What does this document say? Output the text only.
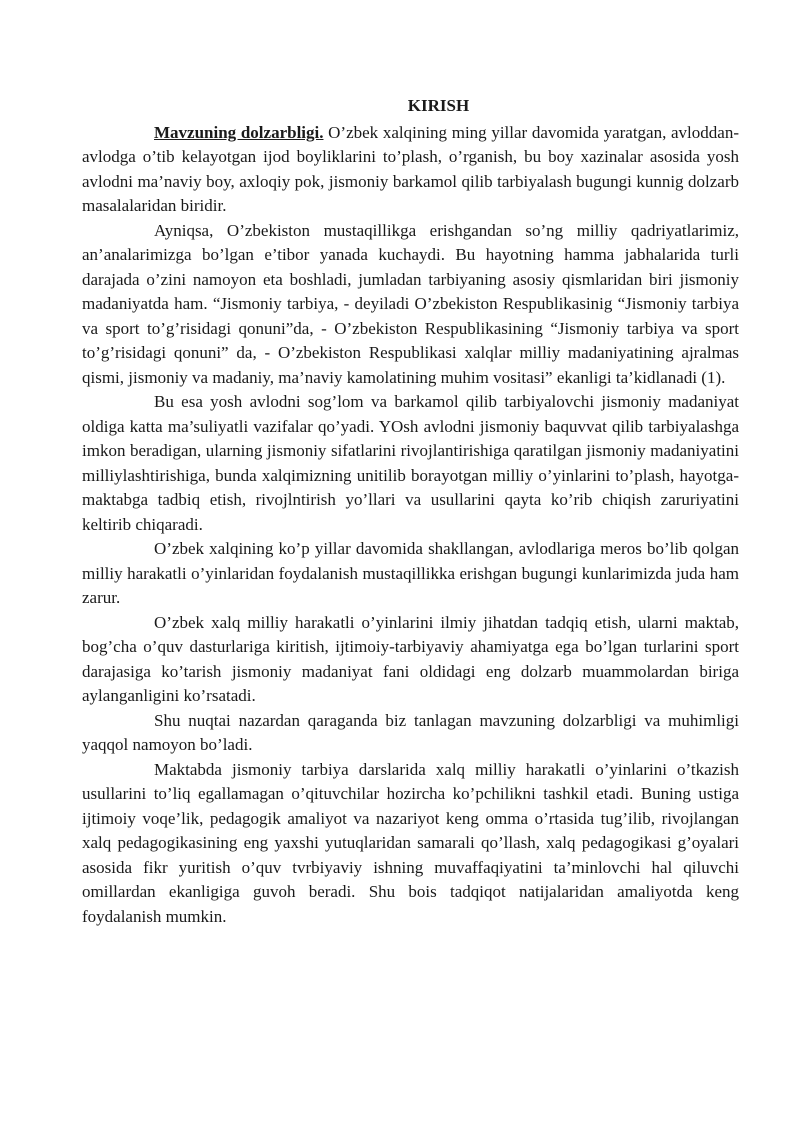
KIRISH

Mavzuning dolzarbligi. O’zbek xalqining ming yillar davomida yaratgan, avloddan-avlodga o’tib kelayotgan ijod boyliklarini to’plash, o’rganish, bu boy xazinalar asosida yosh avlodni ma’naviy boy, axloqiy pok, jismoniy barkamol qilib tarbiyalash bugungi kunnig dolzarb masalalaridan biridir.

Ayniqsa, O’zbekiston mustaqillikga erishgandan so’ng milliy qadriyatlarimiz, an’analarimizga bo’lgan e’tibor yanada kuchaydi. Bu hayotning hamma jabhalarida turli darajada o’zini namoyon eta boshladi, jumladan tarbiyaning asosiy qismlaridan biri jismoniy madaniyatda ham. “Jismoniy tarbiya, - deyiladi O’zbekiston Respublikasinig “Jismoniy tarbiya va sport to’g’risidagi qonuni”da, - O’zbekiston Respublikasining “Jismoniy tarbiya va sport to’g’risidagi qonuni” da, - O’zbekiston Respublikasi xalqlar milliy madaniyatining ajralmas qismi, jismoniy va madaniy, ma’naviy kamolatining muhim vositasi” ekanligi ta’kidlanadi (1).

Bu esa yosh avlodni sog’lom va barkamol qilib tarbiyalovchi jismoniy madaniyat oldiga katta ma’suliyatli vazifalar qo’yadi. YOsh avlodni jismoniy baquvvat qilib tarbiyalashga imkon beradigan, ularning jismoniy sifatlarini rivojlantirishiga qaratilgan jismoniy madaniyatini milliylashtirishiga, bunda xalqimizning unitilib borayotgan milliy o’yinlarini to’plash, hayotga-maktabga tadbiq etish, rivojlntirish yo’llari va usullarini qayta ko’rib chiqish zaruriyatini keltirib chiqaradi.

O’zbek xalqining ko’p yillar davomida shakllangan, avlodlariga meros bo’lib qolgan milliy harakatli o’yinlaridan foydalanish mustaqillikka erishgan bugungi kunlarimizda juda ham zarur.

O’zbek xalq milliy harakatli o’yinlarini ilmiy jihatdan tadqiq etish, ularni maktab, bog’cha o’quv dasturlariga kiritish, ijtimoiy-tarbiyaviy ahamiyatga ega bo’lgan turlarini sport darajasiga ko’tarish jismoniy madaniyat fani oldidagi eng dolzarb muammolardan biriga aylanganligini ko’rsatadi.

Shu nuqtai nazardan qaraganda biz tanlagan mavzuning dolzarbligi va muhimligi yaqqol namoyon bo’ladi.

Maktabda jismoniy tarbiya darslarida xalq milliy harakatli o’yinlarini o’tkazish usullarini to’liq egallamagan o’qituvchilar hozircha ko’pchilikni tashkil etadi. Buning ustiga ijtimoiy voqe’lik, pedagogik amaliyot va nazariyot keng omma o’rtasida tug’ilib, rivojlangan xalq pedagogikasining eng yaxshi yutuqlaridan samarali qo’llash, xalq pedagogikasi g’oyalari asosida fikr yuritish o’quv tvrbiyaviy ishning muvaffaqiyatini ta’minlovchi hal qiluvchi omillardan ekanligiga guvoh beradi. Shu bois tadqiqot natijalaridan amaliyotda keng foydalanish mumkin.
